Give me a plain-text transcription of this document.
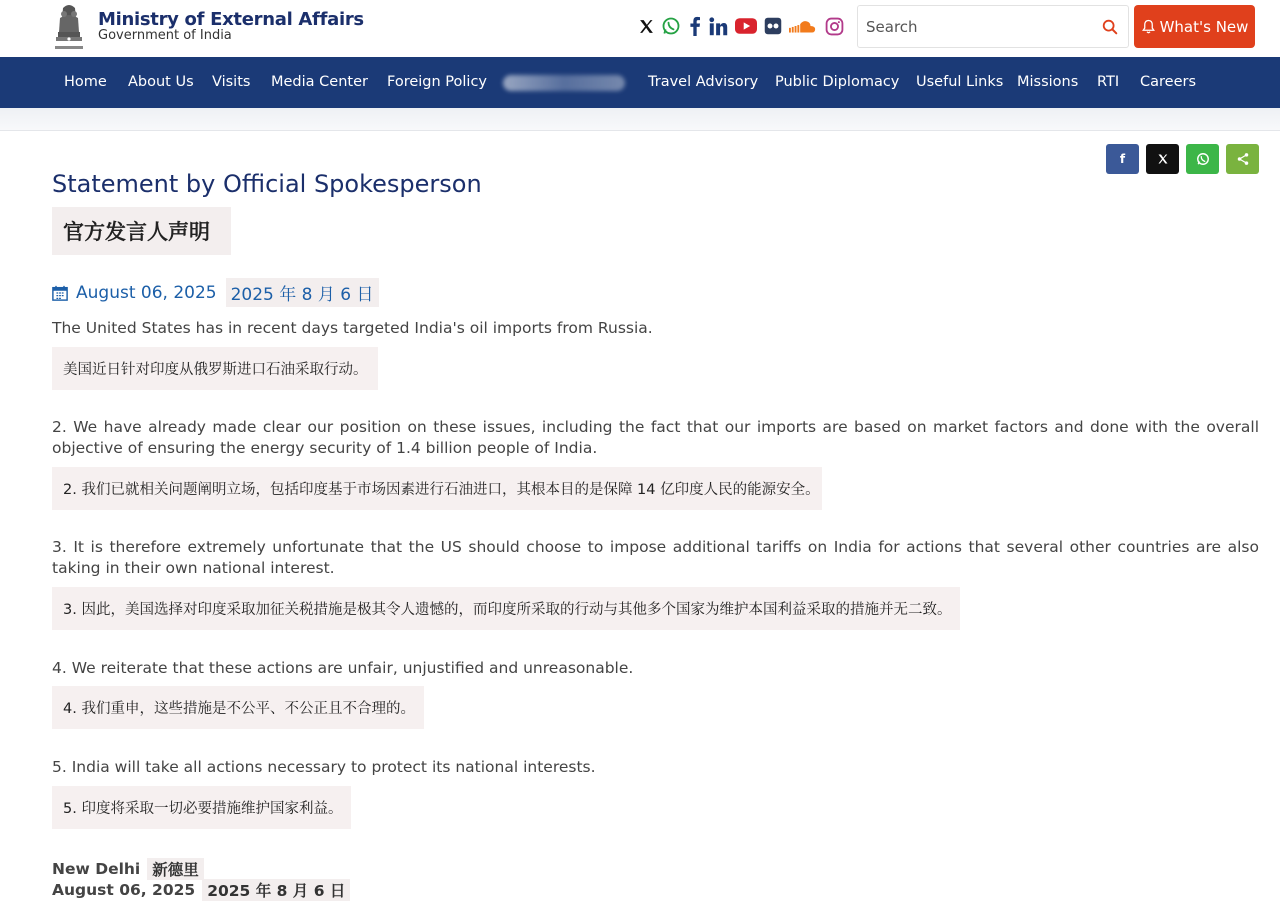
Ministry of External Affairs
Government of India
Search	What's New
Home About Us Visits Media Center Foreign Policy	Travel Advisory Public Diplomacy Useful Links Missions RTI Careers
f
Statement by Official Spokesperson
官方发言人声明
August 06, 2025 2025 年 8 月 6 日
The United States has in recent days targeted India's oil imports from Russia.
美国近日针对印度从俄罗斯进口石油采取行动。
2. We have already made clear our position on these issues, including the fact that our imports are based on market factors and done with the overall objective of ensuring the energy security of 1.4 billion people of India.
2. 我们已就相关问题阐明立场，包括印度基于市场因素进行石油进口，其根本目的是保障 14 亿印度人民的能源安全。
3. It is therefore extremely unfortunate that the US should choose to impose additional tariffs on India for actions that several other countries are also taking in their own national interest.
3. 因此，美国选择对印度采取加征关税措施是极其令人遗憾的，而印度所采取的行动与其他多个国家为维护本国利益采取的措施并无二致。
4. We reiterate that these actions are unfair, unjustified and unreasonable.
4. 我们重申，这些措施是不公平、不公正且不合理的。
5. India will take all actions necessary to protect its national interests.
5. 印度将采取一切必要措施维护国家利益。
New Delhi 新德里
August 06, 2025 2025 年 8 月 6 日
